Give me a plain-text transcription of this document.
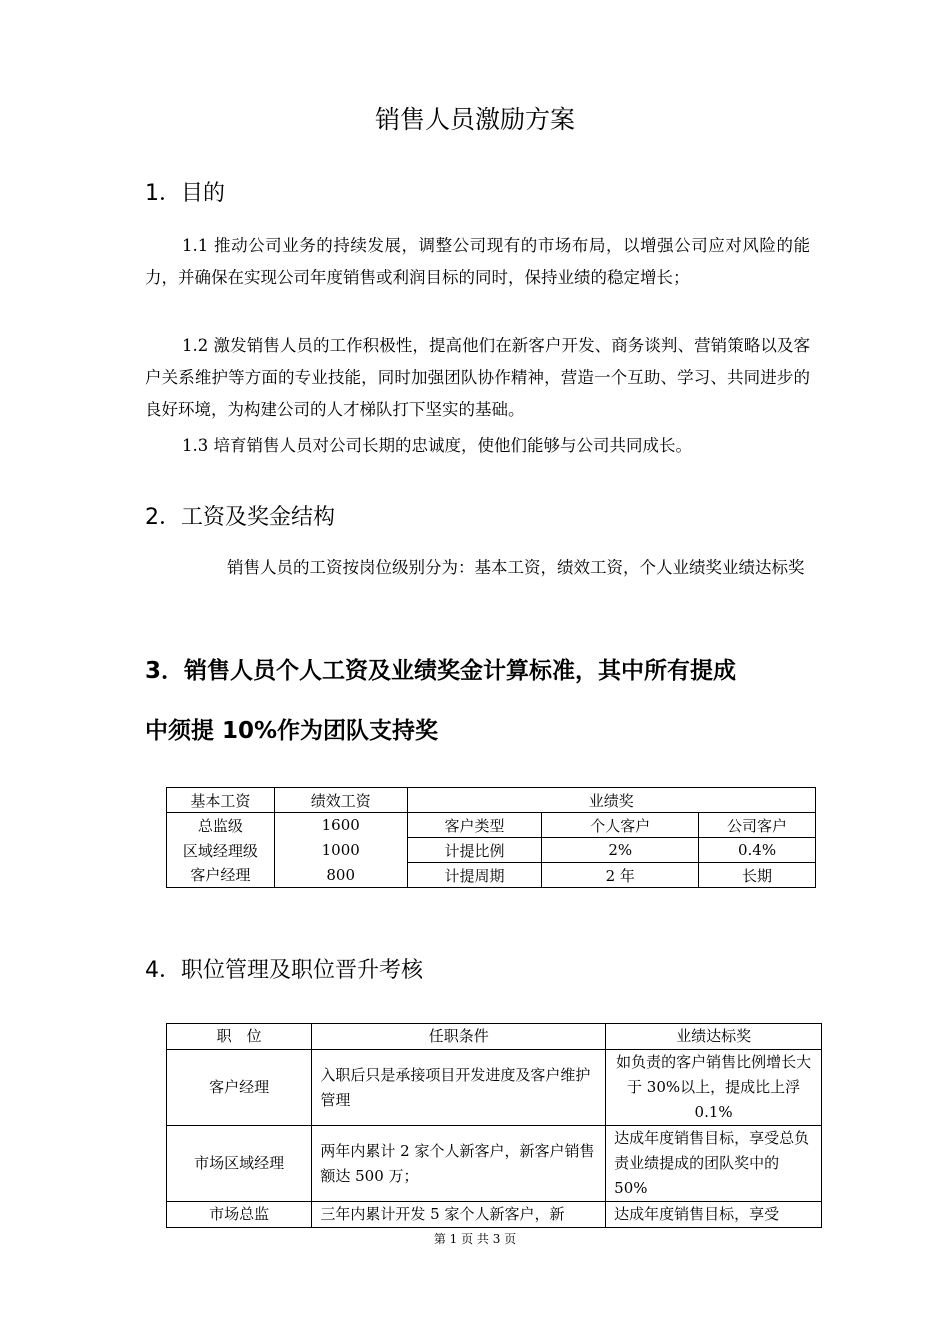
销售人员激励方案
1．目的
1.1 推动公司业务的持续发展，调整公司现有的市场布局，以增强公司应对风险的能力，并确保在实现公司年度销售或利润目标的同时，保持业绩的稳定增长；
1.2 激发销售人员的工作积极性，提高他们在新客户开发、商务谈判、营销策略以及客户关系维护等方面的专业技能，同时加强团队协作精神，营造一个互助、学习、共同进步的良好环境，为构建公司的人才梯队打下坚实的基础。
1.3 培育销售人员对公司长期的忠诚度，使他们能够与公司共同成长。
2．工资及奖金结构
销售人员的工资按岗位级别分为：基本工资，绩效工资，个人业绩奖业绩达标奖
3．销售人员个人工资及业绩奖金计算标准，其中所有提成
中须提 10%作为团队支持奖
基本工资	绩效工资	业绩奖		
总监级	1600	客户类型	个人客户	公司客户
区域经理级	1000	计提比例	2%	0.4%
客户经理	800	计提周期	2 年	长期
4．职位管理及职位晋升考核
职　位	任职条件	业绩达标奖
客户经理	入职后只是承接项目开发进度及客户维护管理	如负责的客户销售比例增长大于 30%以上，提成比上浮 0.1%
市场区域经理	两年内累计 2 家个人新客户，新客户销售额达 500 万；	达成年度销售目标，享受总负责业绩提成的团队奖中的 50%
市场总监	三年内累计开发 5 家个人新客户，新	达成年度销售目标，享受
第 1 页 共 3 页
